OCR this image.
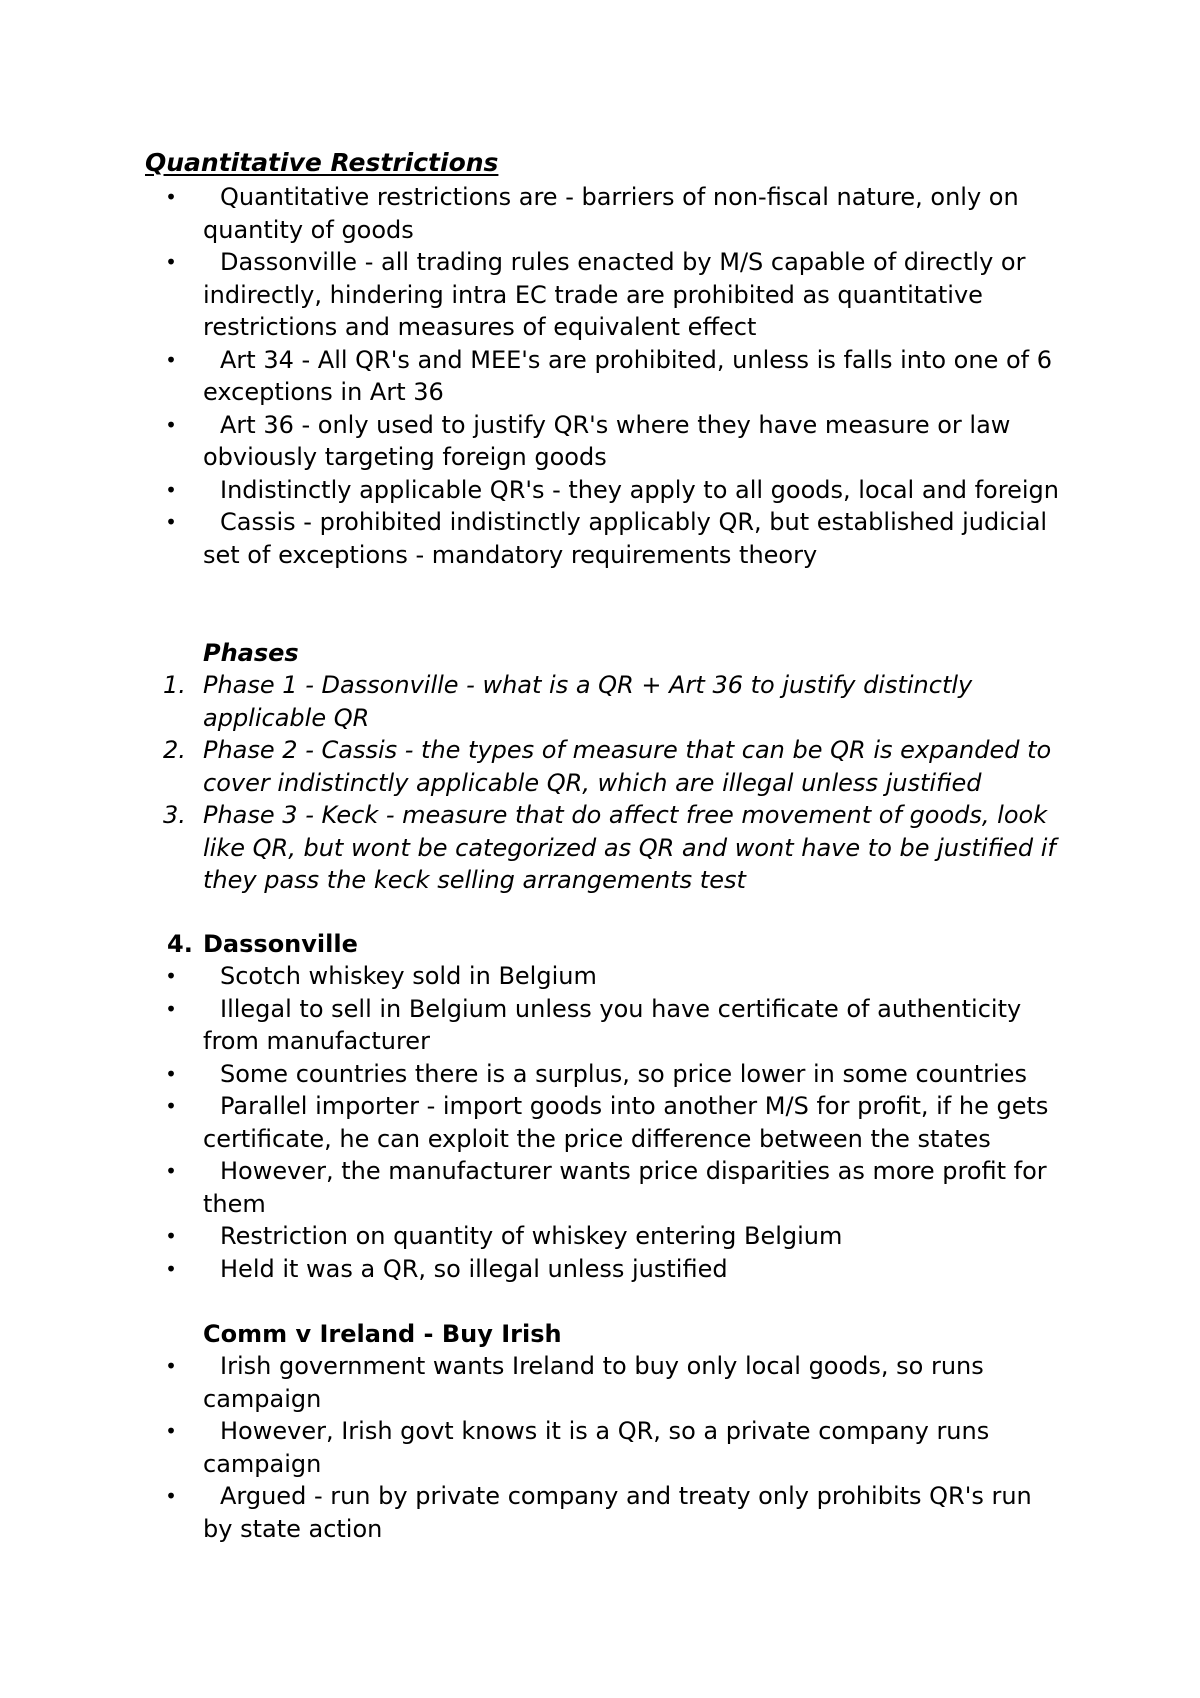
Quantitative Restrictions
•	Quantitative restrictions are - barriers of non-fiscal nature, only on quantity of goods
•	Dassonville - all trading rules enacted by M/S capable of directly or indirectly, hindering intra EC trade are prohibited as quantitative restrictions and measures of equivalent effect
•	Art 34 - All QR's and MEE's are prohibited, unless is falls into one of 6 exceptions in Art 36
•	Art 36 - only used to justify QR's where they have measure or law obviously targeting foreign goods
•	Indistinctly applicable QR's - they apply to all goods, local and foreign
•	Cassis - prohibited indistinctly applicably QR, but established judicial set of exceptions - mandatory requirements theory
Phases
1. Phase 1 - Dassonville - what is a QR + Art 36 to justify distinctly applicable QR
2. Phase 2 - Cassis - the types of measure that can be QR is expanded to cover indistinctly applicable QR, which are illegal unless justified
3. Phase 3 - Keck - measure that do affect free movement of goods, look like QR, but wont be categorized as QR and wont have to be justified if they pass the keck selling arrangements test
4. Dassonville
•	Scotch whiskey sold in Belgium
•	Illegal to sell in Belgium unless you have certificate of authenticity from manufacturer
•	Some countries there is a surplus, so price lower in some countries
•	Parallel importer - import goods into another M/S for profit, if he gets certificate, he can exploit the price difference between the states
•	However, the manufacturer wants price disparities as more profit for them
•	Restriction on quantity of whiskey entering Belgium
•	Held it was a QR, so illegal unless justified
Comm v Ireland - Buy Irish
•	Irish government wants Ireland to buy only local goods, so runs campaign
•	However, Irish govt knows it is a QR, so a private company runs campaign
•	Argued - run by private company and treaty only prohibits QR's run by state action
